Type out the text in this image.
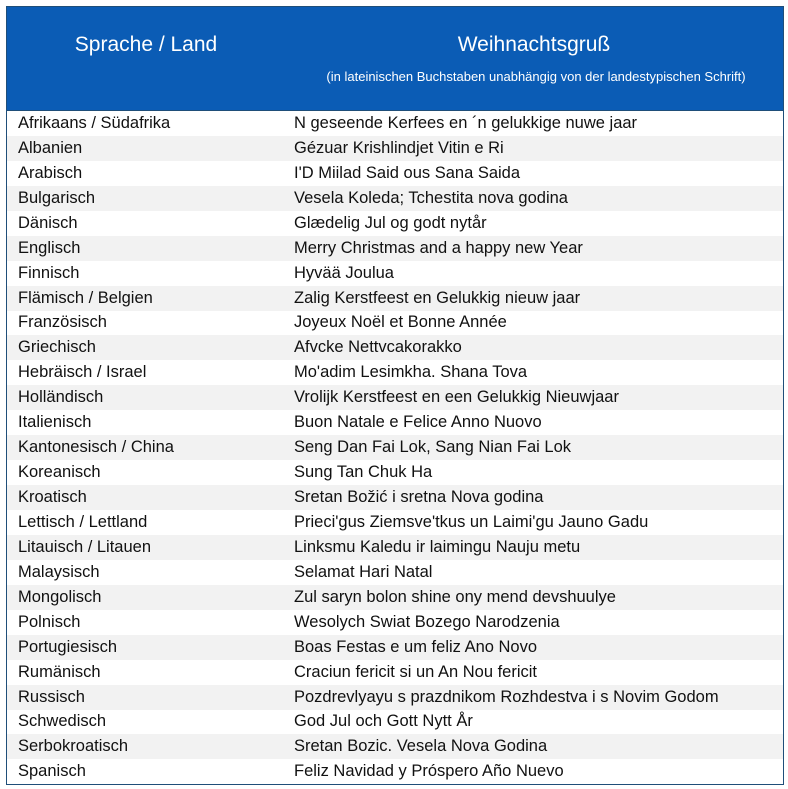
Sprache / Land	Weihnachtsgruß
(in lateinischen Buchstaben unabhängig von der landestypischen Schrift)
Afrikaans / Südafrika	N geseende Kerfees en ´n gelukkige nuwe jaar
Albanien	Gézuar Krishlindjet Vitin e Ri
Arabisch	I'D Miilad Said ous Sana Saida
Bulgarisch	Vesela Koleda; Tchestita nova godina
Dänisch	Glædelig Jul og godt nytår
Englisch	Merry Christmas and a happy new Year
Finnisch	Hyvää Joulua
Flämisch / Belgien	Zalig Kerstfeest en Gelukkig nieuw jaar
Französisch	Joyeux Noël et Bonne Année
Griechisch	Afvcke Nettvcakorakko
Hebräisch / Israel	Mo'adim Lesimkha. Shana Tova
Holländisch	Vrolijk Kerstfeest en een Gelukkig Nieuwjaar
Italienisch	Buon Natale e Felice Anno Nuovo
Kantonesisch / China	Seng Dan Fai Lok, Sang Nian Fai Lok
Koreanisch	Sung Tan Chuk Ha
Kroatisch	Sretan Božić i sretna Nova godina
Lettisch / Lettland	Prieci'gus Ziemsve'tkus un Laimi'gu Jauno Gadu
Litauisch / Litauen	Linksmu Kaledu ir laimingu Nauju metu
Malaysisch	Selamat Hari Natal
Mongolisch	Zul saryn bolon shine ony mend devshuulye
Polnisch	Wesolych Swiat Bozego Narodzenia
Portugiesisch	Boas Festas e um feliz Ano Novo
Rumänisch	Craciun fericit si un An Nou fericit
Russisch	Pozdrevlyayu s prazdnikom Rozhdestva i s Novim Godom
Schwedisch	God Jul och Gott Nytt År
Serbokroatisch	Sretan Bozic. Vesela Nova Godina
Spanisch	Feliz Navidad y Próspero Año Nuevo
